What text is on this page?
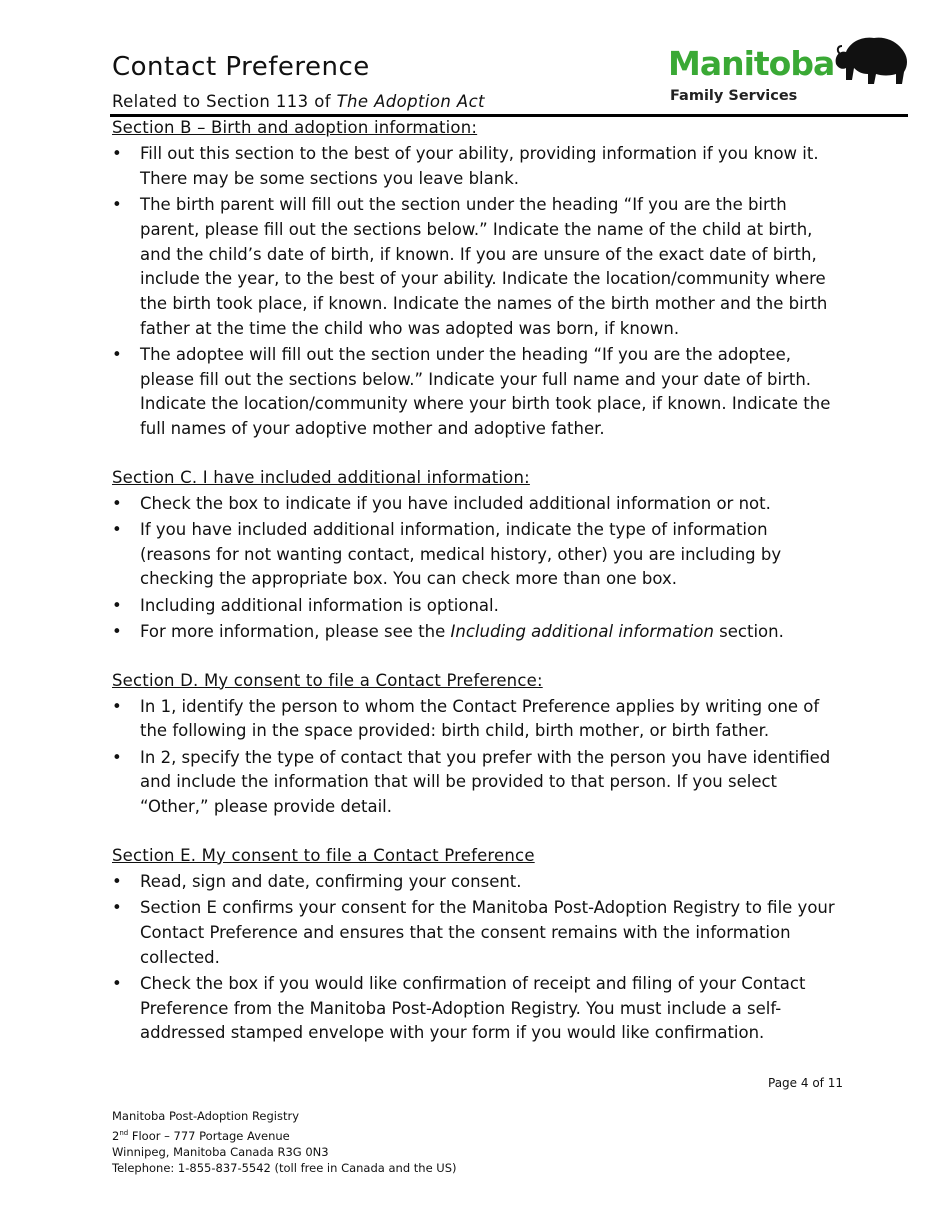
Contact Preference
Related to Section 113 of The Adoption Act
Manitoba
Family Services

Section B – Birth and adoption information:

• Fill out this section to the best of your ability, providing information if you know it. There may be some sections you leave blank.
• The birth parent will fill out the section under the heading “If you are the birth parent, please fill out the sections below.” Indicate the name of the child at birth, and the child’s date of birth, if known. If you are unsure of the exact date of birth, include the year, to the best of your ability. Indicate the location/community where the birth took place, if known. Indicate the names of the birth mother and the birth father at the time the child who was adopted was born, if known.
• The adoptee will fill out the section under the heading “If you are the adoptee, please fill out the sections below.” Indicate your full name and your date of birth. Indicate the location/community where your birth took place, if known. Indicate the full names of your adoptive mother and adoptive father.

Section C. I have included additional information:

• Check the box to indicate if you have included additional information or not.
• If you have included additional information, indicate the type of information (reasons for not wanting contact, medical history, other) you are including by checking the appropriate box. You can check more than one box.
• Including additional information is optional.
• For more information, please see the Including additional information section.

Section D. My consent to file a Contact Preference:

• In 1, identify the person to whom the Contact Preference applies by writing one of the following in the space provided: birth child, birth mother, or birth father.
• In 2, specify the type of contact that you prefer with the person you have identified and include the information that will be provided to that person. If you select “Other,” please provide detail.

Section E. My consent to file a Contact Preference

• Read, sign and date, confirming your consent.
• Section E confirms your consent for the Manitoba Post-Adoption Registry to file your Contact Preference and ensures that the consent remains with the information collected.
• Check the box if you would like confirmation of receipt and filing of your Contact Preference from the Manitoba Post-Adoption Registry. You must include a self-addressed stamped envelope with your form if you would like confirmation.
Page 4 of 11
Manitoba Post-Adoption Registry
2nd Floor – 777 Portage Avenue
Winnipeg, Manitoba Canada R3G 0N3
Telephone: 1-855-837-5542 (toll free in Canada and the US)
